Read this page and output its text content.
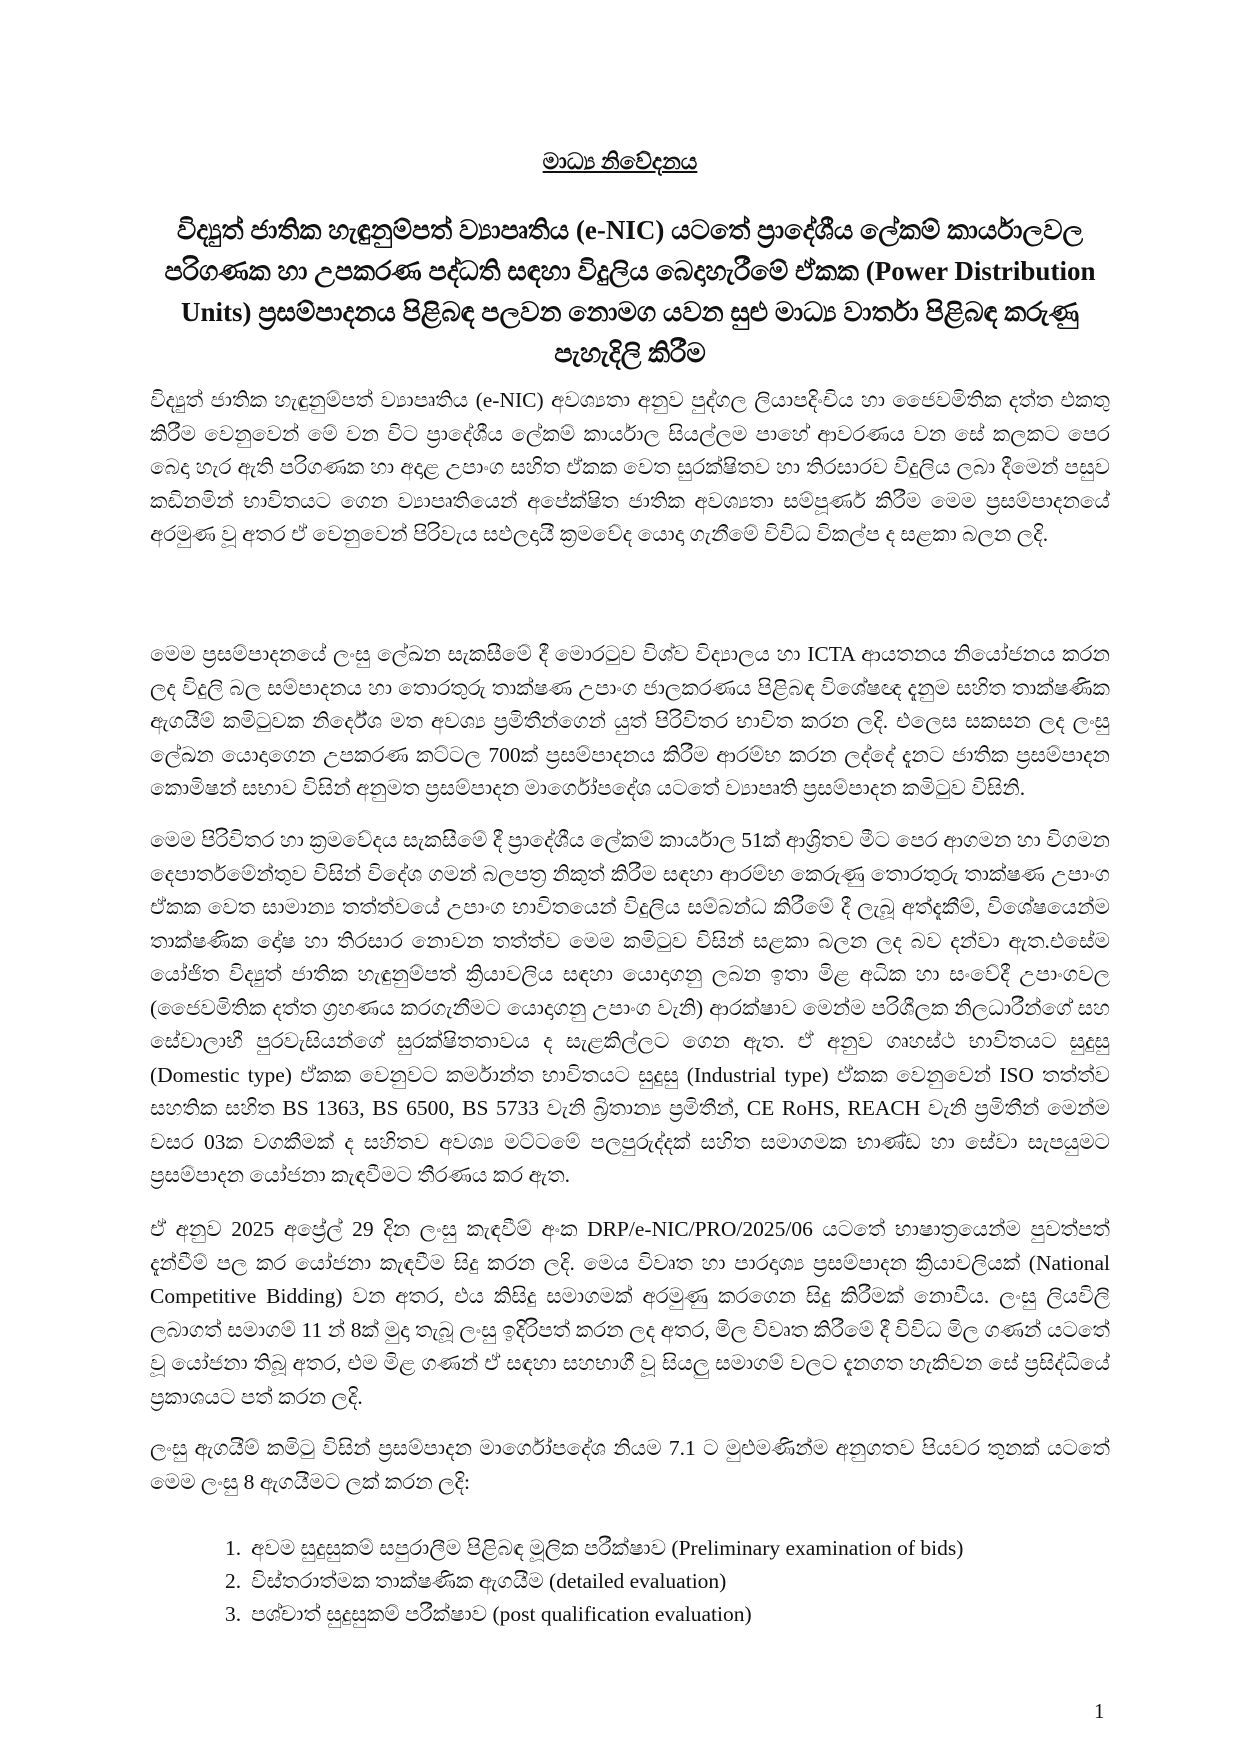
මාධ්‍ය නිවේදනය
විද්‍යුත් ජාතික හැඳුනුම්පත් ව්‍යාපෘතිය (e-NIC) යටතේ ප්‍රාදේශීය ලේකම් කාර්යාලවල පරිගණක හා උපකරණ පද්ධති සඳහා විදුලිය බෙදාහැරීමේ ඒකක (Power Distribution Units) ප්‍රසම්පාදනය පිළිබඳ පලවන නොමග යවන සුළු මාධ්‍ය වාර්තා පිළිබඳ කරුණු පැහැදිලි කිරීම

විද්‍යුත් ජාතික හැඳුනුම්පත් ව්‍යාපෘතිය (e-NIC) අවශ්‍යතා අනුව පුද්ගල ලියාපදිංචිය හා ජෛවමිතික දත්ත එකතු කිරීම වෙනුවෙන් මේ වන විට ප්‍රාදේශීය ලේකම් කාර්යාල සියල්ලම පාහේ ආවරණය වන සේ කලකට පෙර බෙදා හැර ඇති පරිගණක හා අදාළ උපාංග සහිත ඒකක වෙත සුරක්ෂිතව හා තිරසාරව විදුලිය ලබා දීමෙන් පසුව කඩිනමින් භාවිතයට ගෙන ව්‍යාපෘතියෙන් අපේක්ෂිත ජාතික අවශ්‍යතා සම්පූර්ණ කිරීම මෙම ප්‍රසම්පාදනයේ අරමුණ වූ අතර ඒ වෙනුවෙන් පිරිවැය සඵලදායී ක්‍රමවේද යොදා ගැනීමේ විවිධ විකල්ප ද සළකා බලන ලදි.

මෙම ප්‍රසම්පාදනයේ ලංසු ලේඛන සැකසීමේ දී මොරටුව විශ්ව විද්‍යාලය හා ICTA ආයතනය නියෝජනය කරන ලද විදුලි බල සම්පාදනය හා තොරතුරු තාක්ෂණ උපාංග ජාලකරණය පිළිබඳ විශේෂඥ දැනුම සහිත තාක්ෂණික ඇගයීම් කමිටුවක නිර්දේශ මත අවශ්‍ය ප්‍රමිතීන්ගෙන් යුත් පිරිවිතර භාවිත කරන ලදි. එලෙස සකසන ලද ලංසු ලේඛන යොදාගෙන උපකරණ කට්ටල 700ක් ප්‍රසම්පාදනය කිරීම ආරම්භ කරන ලද්දේ දැනට ජාතික ප්‍රසම්පාදන කොමිෂන් සභාව විසින් අනුමත ප්‍රසම්පාදන මාර්ගෝපදේශ යටතේ ව්‍යාපෘති ප්‍රසම්පාදන කමිටුව විසිනි.

මෙම පිරිවිතර හා ක්‍රමවේදය සැකසීමේ දී ප්‍රාදේශීය ලේකම් කාර්යාල 51ක් ආශ්‍රිතව මීට පෙර ආගමන හා විගමන දෙපාර්තමේන්තුව විසින් විදේශ ගමන් බලපත්‍ර නිකුත් කිරීම සඳහා ආරම්භ කෙරුණු තොරතුරු තාක්ෂණ උපාංග ඒකක වෙත සාමාන්‍ය තත්ත්වයේ උපාංග භාවිතයෙන් විදුලිය සම්බන්ධ කිරීමේ දී ලැබූ අත්දැකීම්, විශේෂයෙන්ම තාක්ෂණික දෝෂ හා තිරසාර නොවන තත්ත්ව මෙම කමිටුව විසින් සළකා බලන ලද බව දන්වා ඇත.එසේම යෝජිත විද්‍යුත් ජාතික හැඳුනුම්පත් ක්‍රියාවලිය සඳහා යොදාගනු ලබන ඉතා මිළ අධික හා සංවේදී උපාංගවල (ජෛවමිතික දත්ත ග්‍රහණය කරගැනීමට යොදාගනු උපාංග වැනි) ආරක්ෂාව මෙන්ම පරිශීලක නිලධාරීන්ගේ සහ සේවාලාභී පුරවැසියන්ගේ සුරක්ෂිතතාවය ද සැළකිල්ලට ගෙන ඇත. ඒ අනුව ගෘහස්ථ භාවිතයට සුදුසු (Domestic type) ඒකක වෙනුවට කර්මාන්ත භාවිතයට සුදුසු (Industrial type) ඒකක වෙනුවෙන් ISO තත්ත්ව සහතික සහිත BS 1363, BS 6500, BS 5733 වැනි බ්‍රිතාන්‍ය ප්‍රමිතීන්, CE RoHS, REACH වැනි ප්‍රමිතීන් මෙන්ම වසර 03ක වගකීමක් ද සහිතව අවශ්‍ය මට්ටමේ පලපුරුද්දක් සහිත සමාගමක භාණ්ඩ හා සේවා සැපයුමට ප්‍රසම්පාදන යෝජනා කැඳවීමට තීරණය කර ඇත.

ඒ අනුව 2025 අප්‍රේල් 29 දින ලංසු කැඳවීම් අංක DRP/e-NIC/PRO/2025/06 යටතේ භාෂාත්‍රයෙන්ම පුවත්පත් දැන්වීම් පල කර යෝජනා කැඳවීම සිදු කරන ලදි. මෙය විවෘත හා පාරදෘශ්‍ය ප්‍රසම්පාදන ක්‍රියාවලියක් (National Competitive Bidding) වන අතර, එය කිසිදු සමාගමක් අරමුණු කරගෙන සිදු කිරීමක් නොවීය. ලංසු ලියවිලි ලබාගත් සමාගම් 11 න් 8ක් මුදා තැබූ ලංසු ඉදිරිපත් කරන ලද අතර, මිල විවෘත කිරීමේ දී විවිධ මිල ගණන් යටතේ වූ යෝජනා තිබූ අතර, එම මිළ ගණන් ඒ සඳහා සහභාගී වූ සියලු සමාගම් වලට දැනගත හැකිවන සේ ප්‍රසිද්ධියේ ප්‍රකාශයට පත් කරන ලදි.

ලංසු ඇගයීම් කමිටු විසින් ප්‍රසම්පාදන මාර්ගෝපදේශ නියම 7.1 ට මුළුමණින්ම අනුගතව පියවර තුනක් යටතේ මෙම ලංසු 8 ඇගයීමට ලක් කරන ලදි:

1. අවම සුදුසුකම් සපුරාලීම පිළිබඳ මූලික පරීක්ෂාව (Preliminary examination of bids)
2. විස්තරාත්මක තාක්ෂණික ඇගයීම (detailed evaluation)
3. පශ්චාත් සුදුසුකම් පරීක්ෂාව (post qualification evaluation)
1
